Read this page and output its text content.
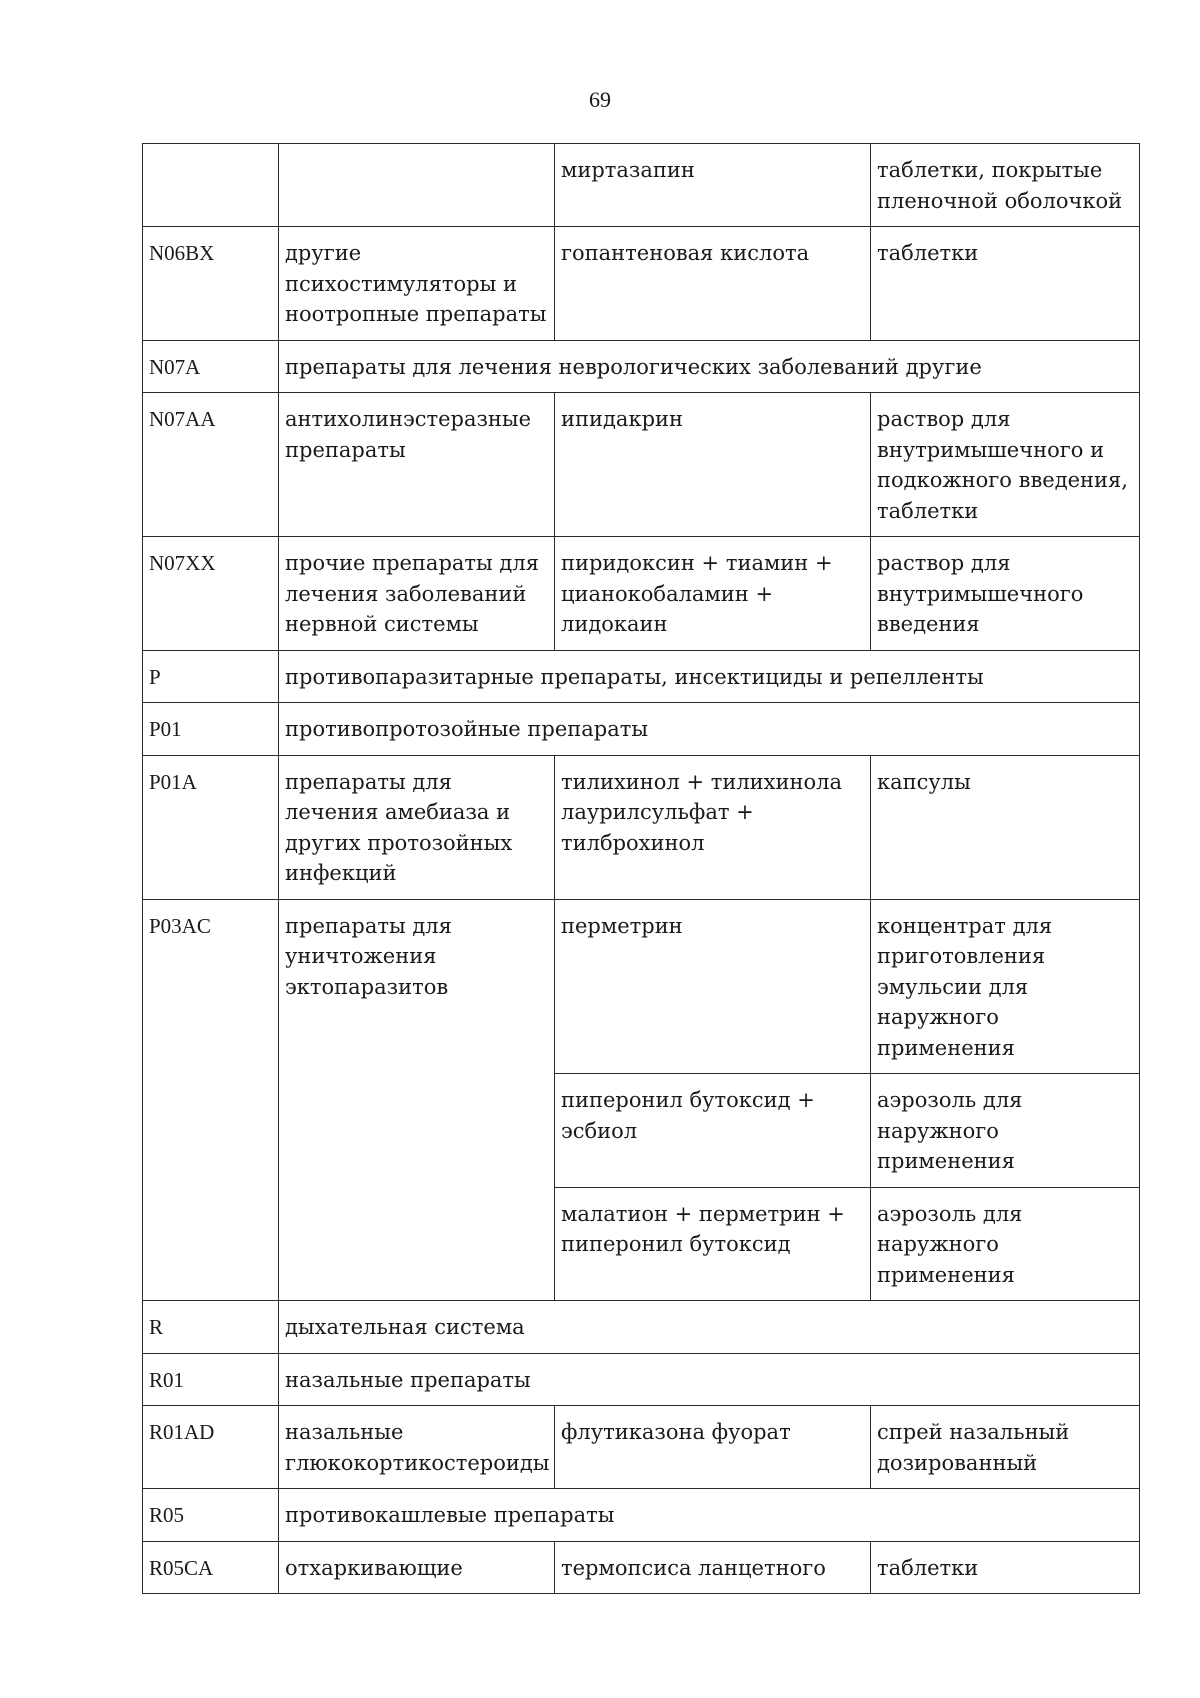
69
		миртазапин	таблетки, покрытые пленочной оболочкой
N06BX	другие психостимуляторы и ноотропные препараты	гопантеновая кислота	таблетки
N07A	препараты для лечения неврологических заболеваний другие		
N07AA	антихолинэстеразные препараты	ипидакрин	раствор для внутримышечного и подкожного введения, таблетки
N07XX	прочие препараты для лечения заболеваний нервной системы	пиридоксин + тиамин + цианокобаламин + лидокаин	раствор для внутримышечного введения
P	противопаразитарные препараты, инсектициды и репелленты		
P01	противопротозойные препараты		
P01A	препараты для лечения амебиаза и других протозойных инфекций	тилихинол + тилихинола лаурилсульфат + тилброхинол	капсулы
P03AC	препараты для уничтожения эктопаразитов	перметрин	концентрат для приготовления эмульсии для наружного применения
		пиперонил бутоксид + эсбиол	аэрозоль для наружного применения
		малатион + перметрин + пиперонил бутоксид	аэрозоль для наружного применения
R	дыхательная система		
R01	назальные препараты		
R01AD	назальные глюкокортикостероиды	флутиказона фуорат	спрей назальный дозированный
R05	противокашлевые препараты		
R05CA	отхаркивающие	термопсиса ланцетного	таблетки
